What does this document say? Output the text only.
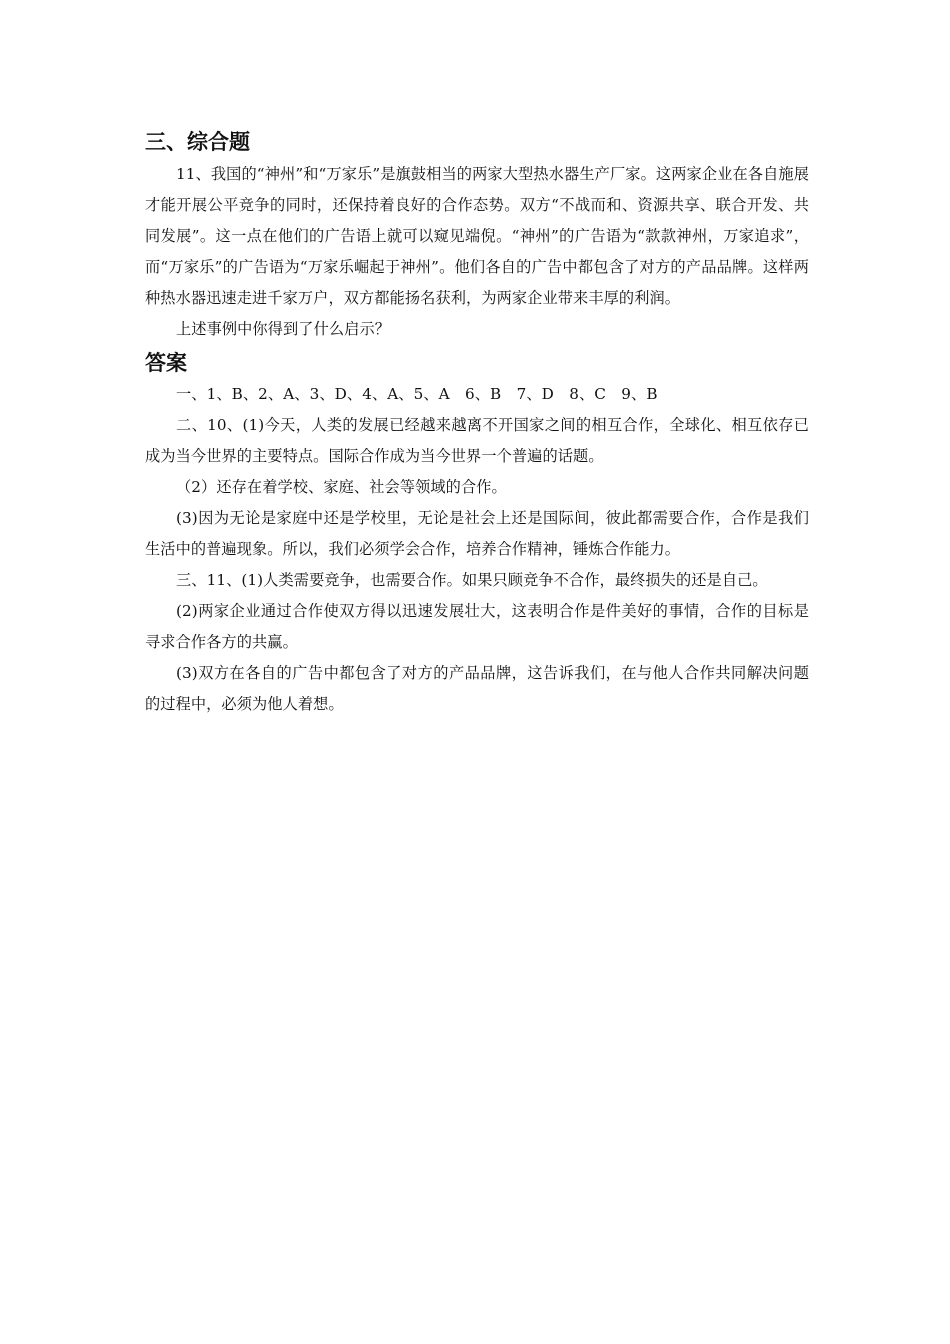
三、综合题

11、我国的“神州”和“万家乐”是旗鼓相当的两家大型热水器生产厂家。这两家企业在各自施展才能开展公平竞争的同时，还保持着良好的合作态势。双方“不战而和、资源共享、联合开发、共同发展”。这一点在他们的广告语上就可以窥见端倪。“神州”的广告语为“款款神州，万家追求”，而“万家乐”的广告语为“万家乐崛起于神州”。他们各自的广告中都包含了对方的产品品牌。这样两种热水器迅速走进千家万户，双方都能扬名获利，为两家企业带来丰厚的利润。

上述事例中你得到了什么启示？

答案

一、1、B、2、A、3、D、4、A、5、A　6、B　7、D　8、C　9、B

二、10、(1)今天，人类的发展已经越来越离不开国家之间的相互合作，全球化、相互依存已成为当今世界的主要特点。国际合作成为当今世界一个普遍的话题。

（2）还存在着学校、家庭、社会等领域的合作。

(3)因为无论是家庭中还是学校里，无论是社会上还是国际间，彼此都需要合作，合作是我们生活中的普遍现象。所以，我们必须学会合作，培养合作精神，锤炼合作能力。

三、11、(1)人类需要竞争，也需要合作。如果只顾竞争不合作，最终损失的还是自己。

(2)两家企业通过合作使双方得以迅速发展壮大，这表明合作是件美好的事情，合作的目标是寻求合作各方的共赢。

(3)双方在各自的广告中都包含了对方的产品品牌，这告诉我们，在与他人合作共同解决问题的过程中，必须为他人着想。
